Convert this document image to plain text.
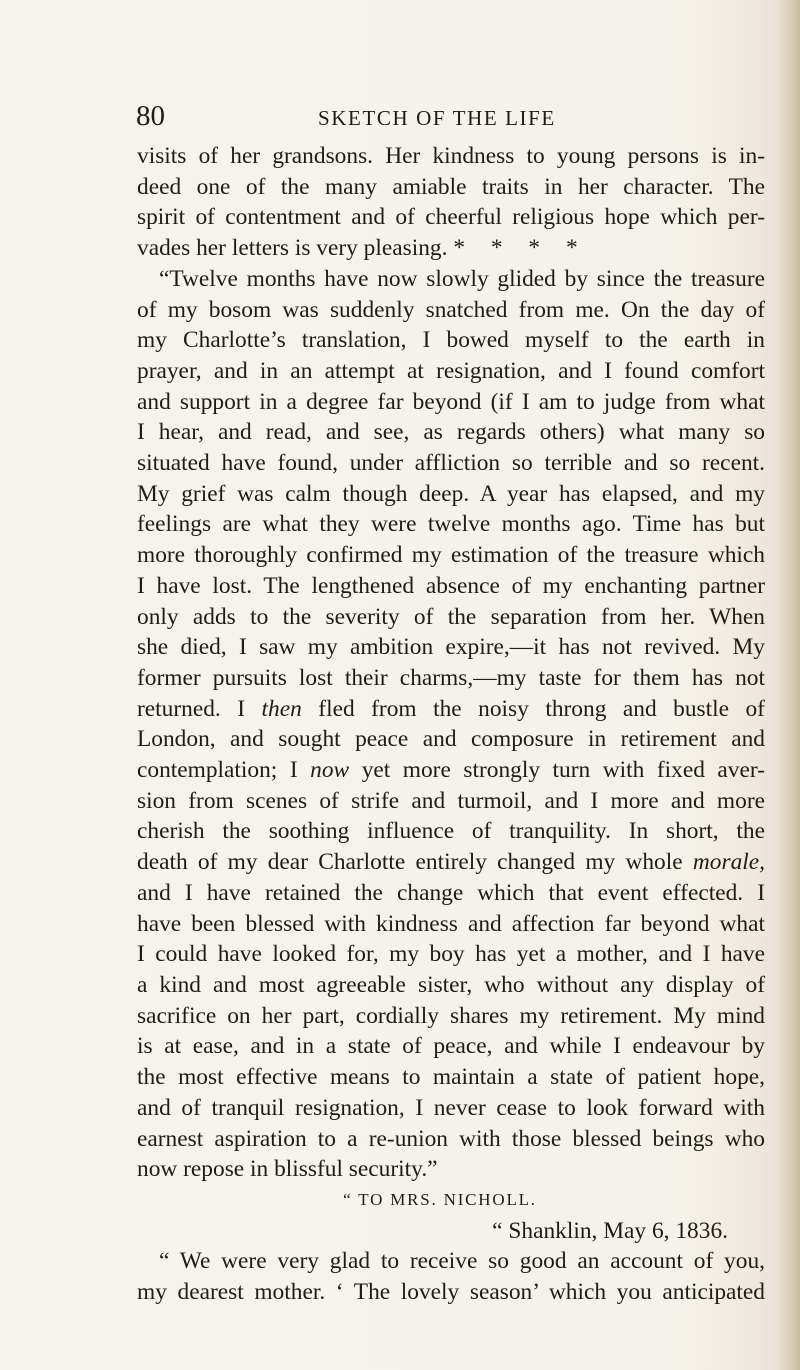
80	SKETCH OF THE LIFE

visits of her grandsons. Her kindness to young persons is in-

deed one of the many amiable traits in her character. The

spirit of contentment and of cheerful religious hope which per-

vades her letters is very pleasing. * * * *

“Twelve months have now slowly glided by since the treasure

of my bosom was suddenly snatched from me. On the day of

my Charlotte’s translation, I bowed myself to the earth in

prayer, and in an attempt at resignation, and I found comfort

and support in a degree far beyond (if I am to judge from what

I hear, and read, and see, as regards others) what many so

situated have found, under affliction so terrible and so recent.

My grief was calm though deep. A year has elapsed, and my

feelings are what they were twelve months ago. Time has but

more thoroughly confirmed my estimation of the treasure which

I have lost. The lengthened absence of my enchanting partner

only adds to the severity of the separation from her. When

she died, I saw my ambition expire,—it has not revived. My

former pursuits lost their charms,—my taste for them has not

returned. I then fled from the noisy throng and bustle of

London, and sought peace and composure in retirement and

contemplation; I now yet more strongly turn with fixed aver-

sion from scenes of strife and turmoil, and I more and more

cherish the soothing influence of tranquility. In short, the

death of my dear Charlotte entirely changed my whole morale,

and I have retained the change which that event effected. I

have been blessed with kindness and affection far beyond what

I could have looked for, my boy has yet a mother, and I have

a kind and most agreeable sister, who without any display of

sacrifice on her part, cordially shares my retirement. My mind

is at ease, and in a state of peace, and while I endeavour by

the most effective means to maintain a state of patient hope,

and of tranquil resignation, I never cease to look forward with

earnest aspiration to a re-union with those blessed beings who

now repose in blissful security.”

“ TO MRS. NICHOLL.

“ Shanklin, May 6, 1836.

“ We were very glad to receive so good an account of you,

my dearest mother. ‘ The lovely season’ which you anticipated
